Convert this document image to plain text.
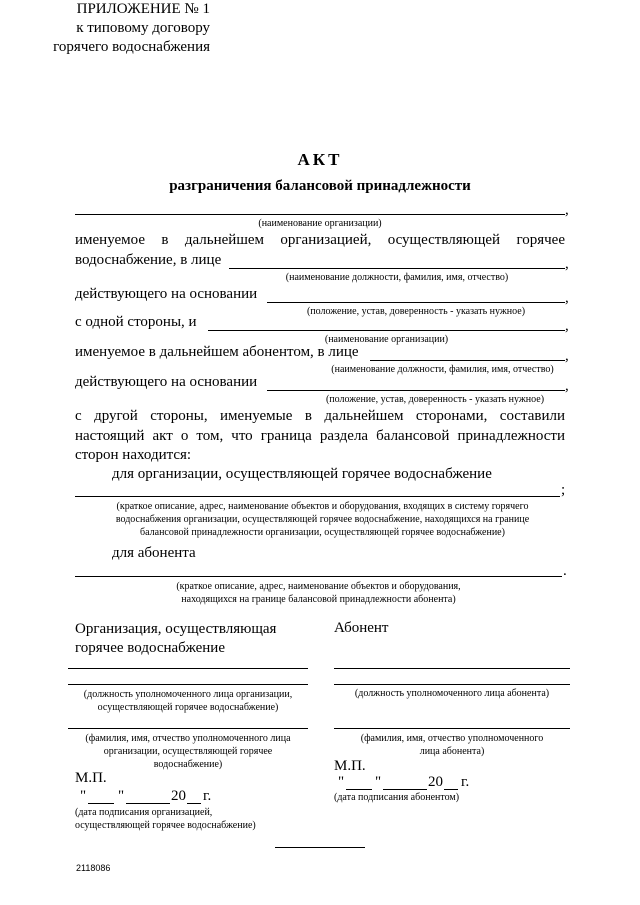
ПРИЛОЖЕНИЕ № 1
к типовому договору
горячего водоснабжения
АКТ
разграничения балансовой принадлежности
,
(наименование организации)
именуемое в дальнейшем организацией, осуществляющей горячее
водоснабжение, в лице	,
(наименование должности, фамилия, имя, отчество)
действующего на основании	,
(положение, устав, доверенность - указать нужное)
с одной стороны, и	,
(наименование организации)
именуемое в дальнейшем абонентом, в лице	,
(наименование должности, фамилия, имя, отчество)
действующего на основании	,
(положение, устав, доверенность - указать нужное)
с другой стороны, именуемые в дальнейшем сторонами, составили
настоящий акт о том, что граница раздела балансовой принадлежности
сторон находится:
для организации, осуществляющей горячее водоснабжение
;
(краткое описание, адрес, наименование объектов и оборудования, входящих в систему горячего
водоснабжения организации, осуществляющей горячее водоснабжение, находящихся на границе
балансовой принадлежности организации, осуществляющей горячее водоснабжение)
для абонента
.
(краткое описание, адрес, наименование объектов и оборудования,
находящихся на границе балансовой принадлежности абонента)
Организация, осуществляющая
горячее водоснабжение
(должность уполномоченного лица организации,
осуществляющей горячее водоснабжение)
(фамилия, имя, отчество уполномоченного лица
организации, осуществляющей горячее
водоснабжение)
М.П.
" "	20 г.
(дата подписания организацией,
осуществляющей горячее водоснабжение)
Абонент
(должность уполномоченного лица абонента)
(фамилия, имя, отчество уполномоченного
лица абонента)
М.П.
" "	20 г.
(дата подписания абонентом)
2118086
